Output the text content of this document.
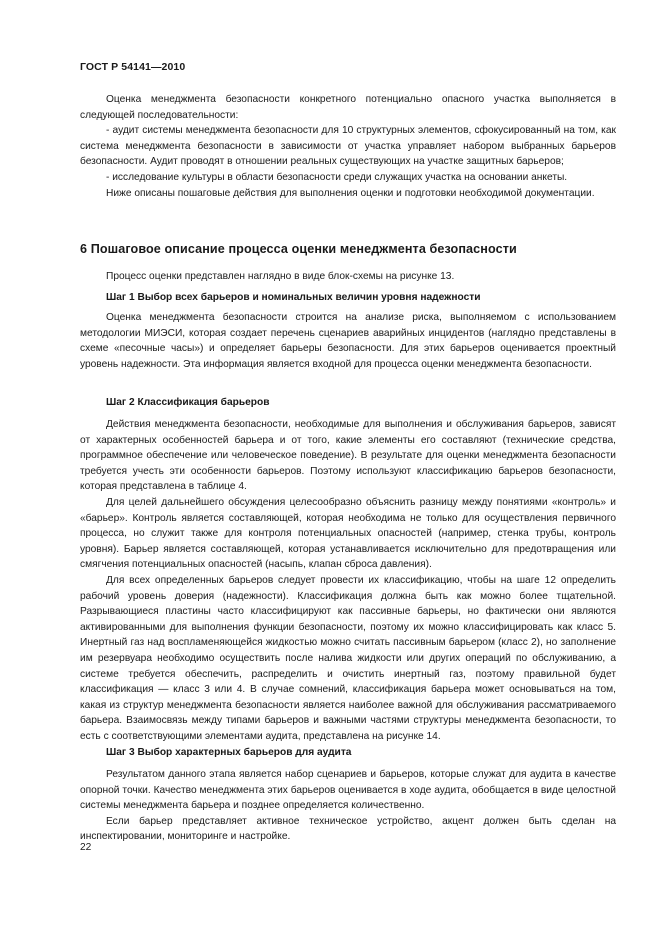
ГОСТ Р 54141—2010

Оценка менеджмента безопасности конкретного потенциально опасного участка выполняется в следующей последовательности:

- аудит системы менеджмента безопасности для 10 структурных элементов, сфокусированный на том, как система менеджмента безопасности в зависимости от участка управляет набором выбранных барьеров безопасности. Аудит проводят в отношении реальных существующих на участке защитных барьеров;

- исследование культуры в области безопасности среди служащих участка на основании анкеты.

Ниже описаны пошаговые действия для выполнения оценки и подготовки необходимой документации.

6 Пошаговое описание процесса оценки менеджмента безопасности

Процесс оценки представлен наглядно в виде блок-схемы на рисунке 13.

Шаг 1 Выбор всех барьеров и номинальных величин уровня надежности

Оценка менеджмента безопасности строится на анализе риска, выполняемом с использованием методологии МИЭСИ, которая создает перечень сценариев аварийных инцидентов (наглядно представлены в схеме «песочные часы») и определяет барьеры безопасности. Для этих барьеров оценивается проектный уровень надежности. Эта информация является входной для процесса оценки менеджмента безопасности.

Шаг 2 Классификация барьеров

Действия менеджмента безопасности, необходимые для выполнения и обслуживания барьеров, зависят от характерных особенностей барьера и от того, какие элементы его составляют (технические средства, программное обеспечение или человеческое поведение). В результате для оценки менеджмента безопасности требуется учесть эти особенности барьеров. Поэтому используют классификацию барьеров безопасности, которая представлена в таблице 4.

Для целей дальнейшего обсуждения целесообразно объяснить разницу между понятиями «контроль» и «барьер». Контроль является составляющей, которая необходима не только для осуществления первичного процесса, но служит также для контроля потенциальных опасностей (например, стенка трубы, контроль уровня). Барьер является составляющей, которая устанавливается исключительно для предотвращения или смягчения потенциальных опасностей (насыпь, клапан сброса давления).

Для всех определенных барьеров следует провести их классификацию, чтобы на шаге 12 определить рабочий уровень доверия (надежности). Классификация должна быть как можно более тщательной. Разрывающиеся пластины часто классифицируют как пассивные барьеры, но фактически они являются активированными для выполнения функции безопасности, поэтому их можно классифицировать как класс 5. Инертный газ над воспламеняющейся жидкостью можно считать пассивным барьером (класс 2), но заполнение им резервуара необходимо осуществить после налива жидкости или других операций по обслуживанию, а системе требуется обеспечить, распределить и очистить инертный газ, поэтому правильной будет классификация — класс 3 или 4. В случае сомнений, классификация барьера может основываться на том, какая из структур менеджмента безопасности является наиболее важной для обслуживания рассматриваемого барьера. Взаимосвязь между типами барьеров и важными частями структуры менеджмента безопасности, то есть с соответствующими элементами аудита, представлена на рисунке 14.

Шаг 3 Выбор характерных барьеров для аудита

Результатом данного этапа является набор сценариев и барьеров, которые служат для аудита в качестве опорной точки. Качество менеджмента этих барьеров оценивается в ходе аудита, обобщается в виде целостной системы менеджмента барьера и позднее определяется количественно.

Если барьер представляет активное техническое устройство, акцент должен быть сделан на инспектировании, мониторинге и настройке.

22
